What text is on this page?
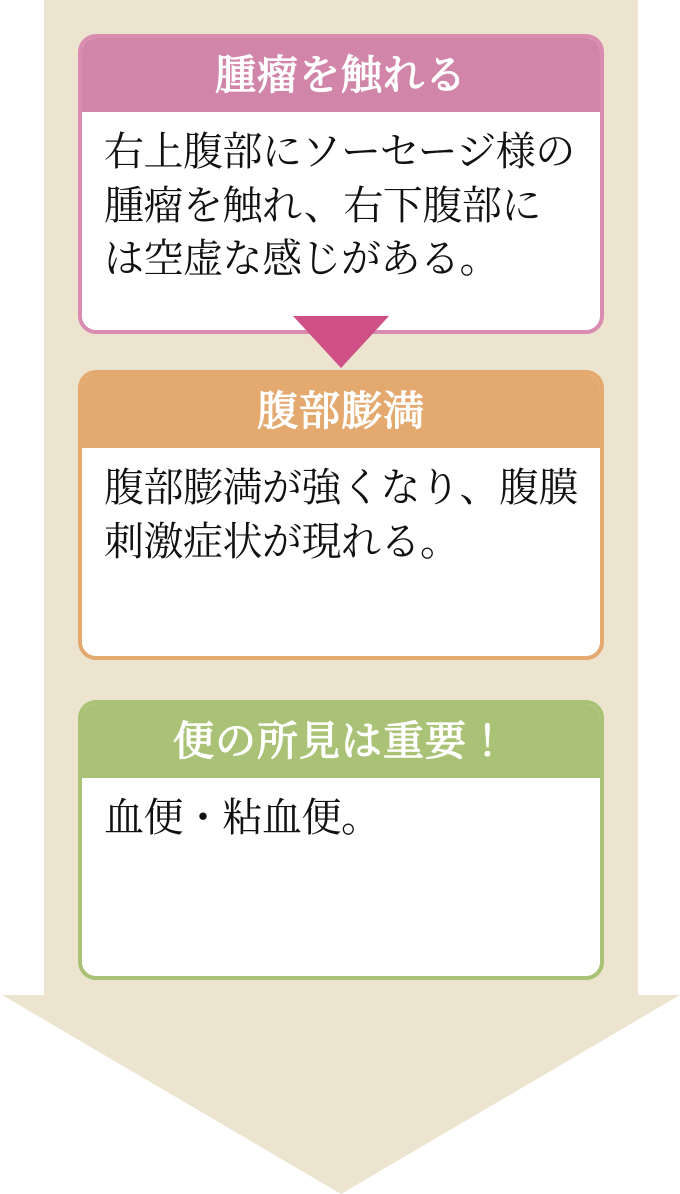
腫瘤を触れる
右上腹部にソーセージ様の腫瘤を触れ、右下腹部には空虚な感じがある。
腹部膨満
腹部膨満が強くなり、腹膜刺激症状が現れる。
便の所見は重要！
血便・粘血便。
